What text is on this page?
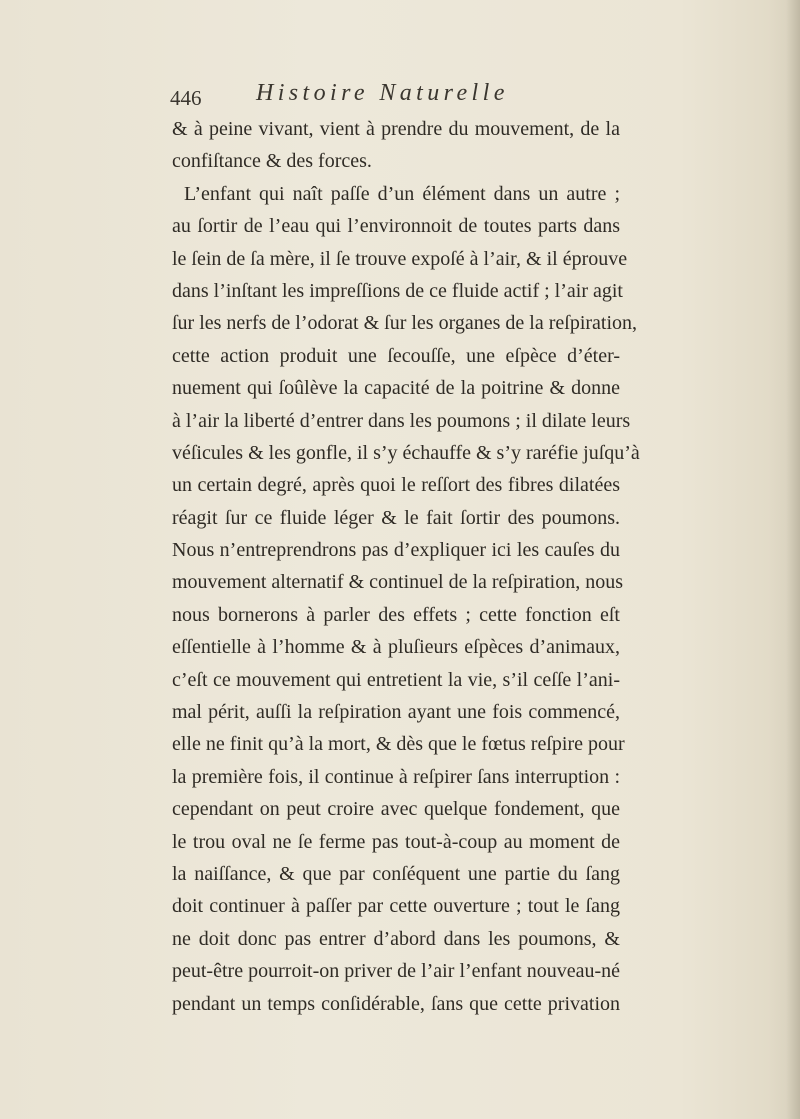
446 Histoire Naturelle
& à peine vivant, vient à prendre du mouvement, de la
confiſtance & des forces.
L’enfant qui naît paſſe d’un élément dans un autre ;
au ſortir de l’eau qui l’environnoit de toutes parts dans
le ſein de ſa mère, il ſe trouve expoſé à l’air, & il éprouve
dans l’inſtant les impreſſions de ce fluide actif ; l’air agit
ſur les nerfs de l’odorat & ſur les organes de la reſpiration,
cette action produit une ſecouſſe, une eſpèce d’éter-
nuement qui ſoûlève la capacité de la poitrine & donne
à l’air la liberté d’entrer dans les poumons ; il dilate leurs
véſicules & les gonfle, il s’y échauffe & s’y raréfie juſqu’à
un certain degré, après quoi le reſſort des fibres dilatées
réagit ſur ce fluide léger & le fait ſortir des poumons.
Nous n’entreprendrons pas d’expliquer ici les cauſes du
mouvement alternatif & continuel de la reſpiration, nous
nous bornerons à parler des effets ; cette fonction eſt
eſſentielle à l’homme & à pluſieurs eſpèces d’animaux,
c’eſt ce mouvement qui entretient la vie, s’il ceſſe l’ani-
mal périt, auſſi la reſpiration ayant une fois commencé,
elle ne finit qu’à la mort, & dès que le fœtus reſpire pour
la première fois, il continue à reſpirer ſans interruption :
cependant on peut croire avec quelque fondement, que
le trou oval ne ſe ferme pas tout-à-coup au moment de
la naiſſance, & que par conſéquent une partie du ſang
doit continuer à paſſer par cette ouverture ; tout le ſang
ne doit donc pas entrer d’abord dans les poumons, &
peut-être pourroit-on priver de l’air l’enfant nouveau-né
pendant un temps conſidérable, ſans que cette privation
